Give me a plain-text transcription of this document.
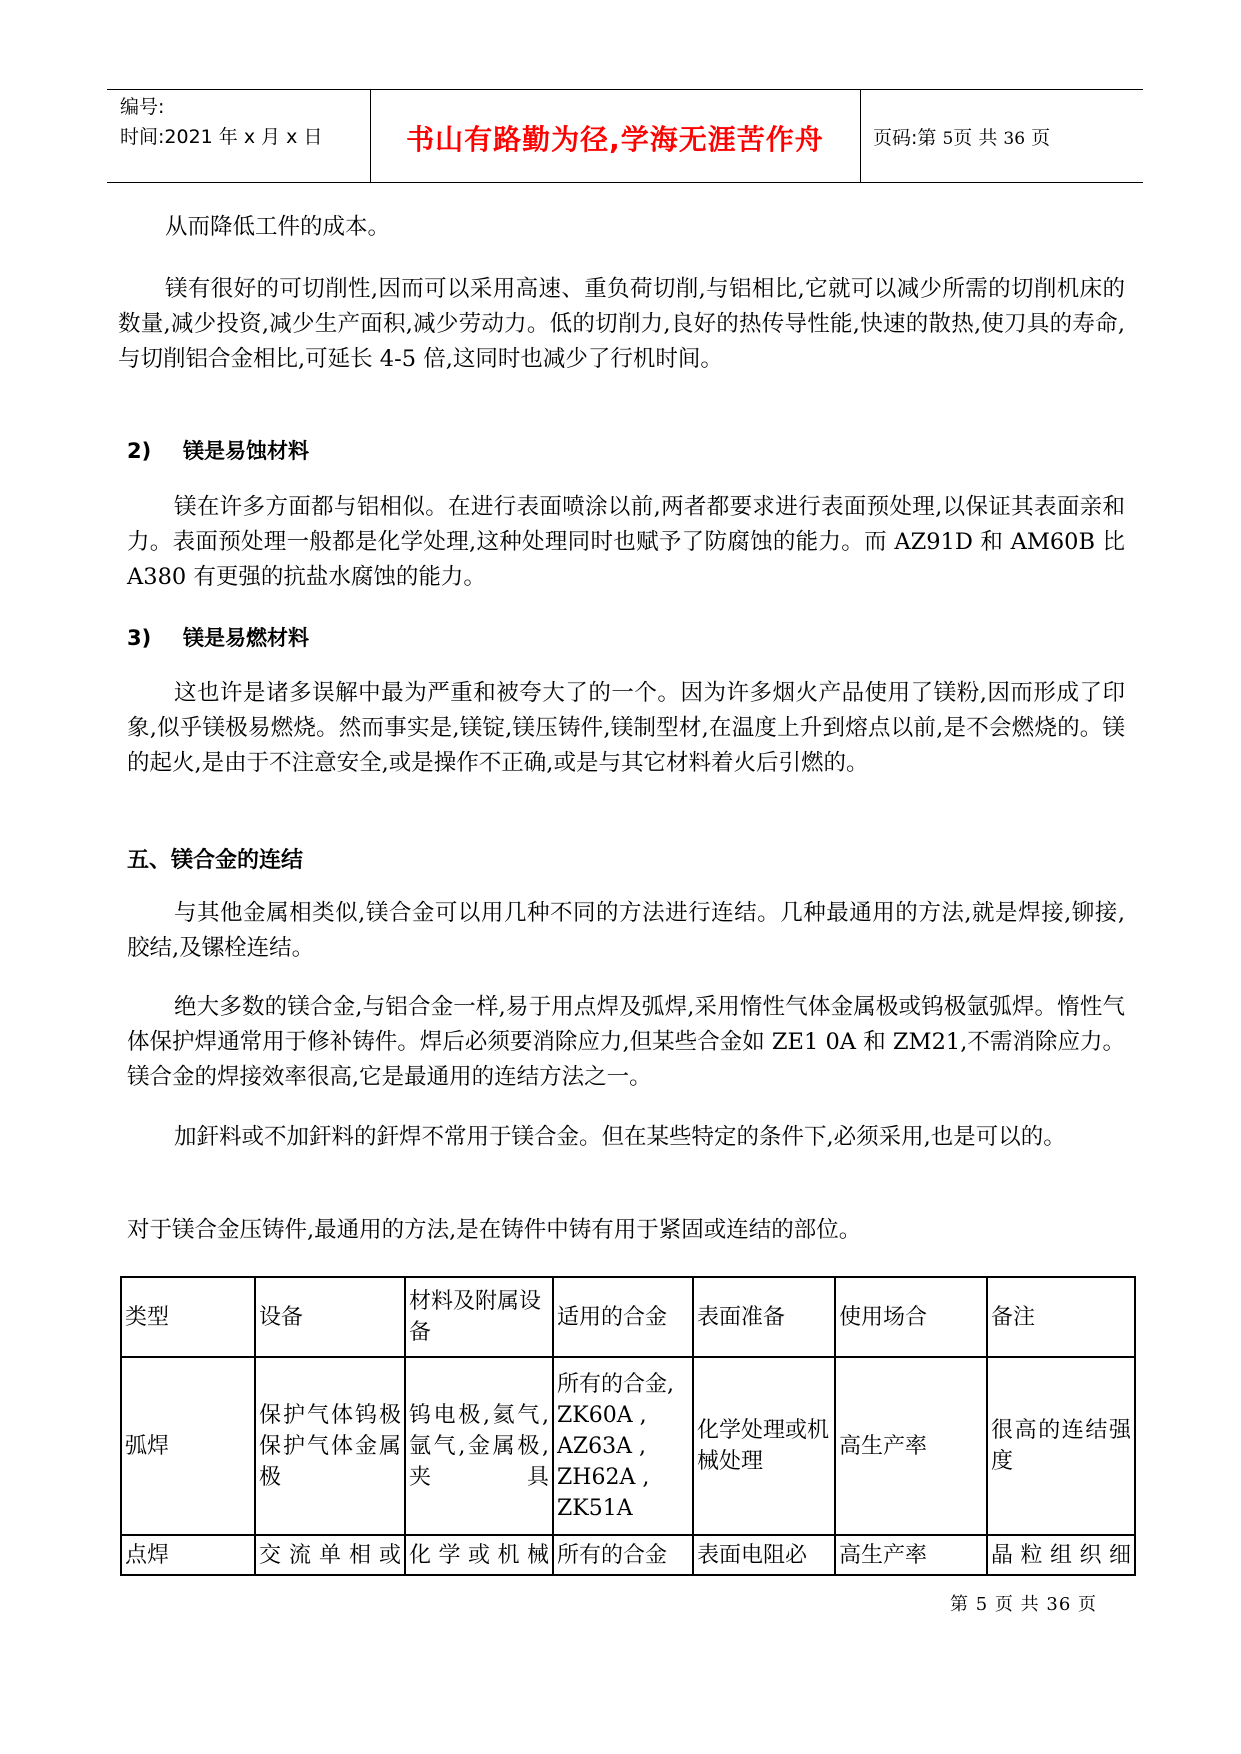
编号:
时间:2021 年 x 月 x 日	书山有路勤为径,学海无涯苦作舟	页码:第 5页 共 36 页
从而降低工件的成本。
镁有很好的可切削性,因而可以采用高速、重负荷切削,与铝相比,它就可以减少所需的切削机床的数量,减少投资,减少生产面积,减少劳动力。低的切削力,良好的热传导性能,快速的散热,使刀具的寿命,与切削铝合金相比,可延长 4-5 倍,这同时也减少了行机时间。
2) 镁是易蚀材料
镁在许多方面都与铝相似。在进行表面喷涂以前,两者都要求进行表面预处理,以保证其表面亲和力。表面预处理一般都是化学处理,这种处理同时也赋予了防腐蚀的能力。而 AZ91D 和 AM60B 比 A380 有更强的抗盐水腐蚀的能力。
3) 镁是易燃材料
这也许是诸多误解中最为严重和被夸大了的一个。因为许多烟火产品使用了镁粉,因而形成了印象,似乎镁极易燃烧。然而事实是,镁锭,镁压铸件,镁制型材,在温度上升到熔点以前,是不会燃烧的。镁的起火,是由于不注意安全,或是操作不正确,或是与其它材料着火后引燃的。
五、镁合金的连结
与其他金属相类似,镁合金可以用几种不同的方法进行连结。几种最通用的方法,就是焊接,铆接,胶结,及镙栓连结。
绝大多数的镁合金,与铝合金一样,易于用点焊及弧焊,采用惰性气体金属极或钨极氩弧焊。惰性气体保护焊通常用于修补铸件。焊后必须要消除应力,但某些合金如 ZE1 0A 和 ZM21,不需消除应力。镁合金的焊接效率很高,它是最通用的连结方法之一。
加釬料或不加釬料的釬焊不常用于镁合金。但在某些特定的条件下,必须采用,也是可以的。
对于镁合金压铸件,最通用的方法,是在铸件中铸有用于紧固或连结的部位。
类型	设备	材料及附属设备	适用的合金	表面准备	使用场合	备注
弧焊	保护气体钨极保护气体金属极	钨电极,氦气,氩气,金属极,夹具	所有的合金,
ZK60A ,
AZ63A ,
ZH62A ,
ZK51A	化学处理或机械处理	高生产率	很高的连结强度
点焊	交流单相或	化学或机械	所有的合金	表面电阻必	高生产率	晶粒组织细
第 5 页 共 36 页
